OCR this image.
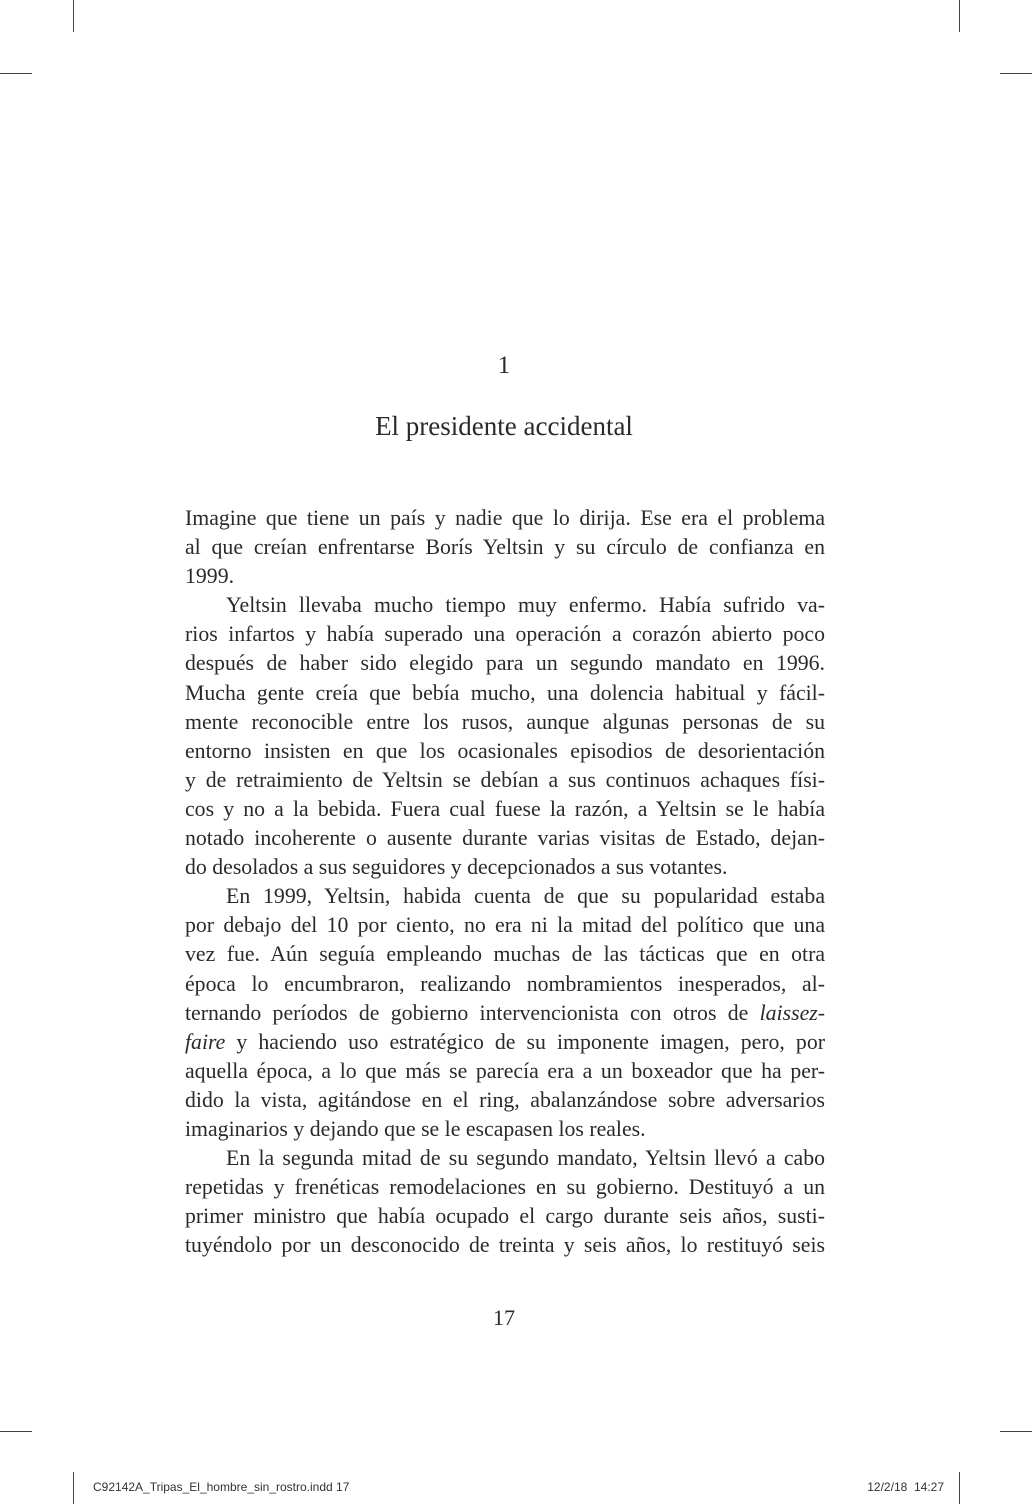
1
El presidente accidental
Imagine que tiene un país y nadie que lo dirija. Ese era el problema
al que creían enfrentarse Borís Yeltsin y su círculo de confianza en
1999.
Yeltsin llevaba mucho tiempo muy enfermo. Había sufrido va-
rios infartos y había superado una operación a corazón abierto poco
después de haber sido elegido para un segundo mandato en 1996.
Mucha gente creía que bebía mucho, una dolencia habitual y fácil-
mente reconocible entre los rusos, aunque algunas personas de su
entorno insisten en que los ocasionales episodios de desorientación
y de retraimiento de Yeltsin se debían a sus continuos achaques físi-
cos y no a la bebida. Fuera cual fuese la razón, a Yeltsin se le había
notado incoherente o ausente durante varias visitas de Estado, dejan-
do desolados a sus seguidores y decepcionados a sus votantes.
En 1999, Yeltsin, habida cuenta de que su popularidad estaba
por debajo del 10 por ciento, no era ni la mitad del político que una
vez fue. Aún seguía empleando muchas de las tácticas que en otra
época lo encumbraron, realizando nombramientos inesperados, al-
ternando períodos de gobierno intervencionista con otros de laissez-
faire y haciendo uso estratégico de su imponente imagen, pero, por
aquella época, a lo que más se parecía era a un boxeador que ha per-
dido la vista, agitándose en el ring, abalanzándose sobre adversarios
imaginarios y dejando que se le escapasen los reales.
En la segunda mitad de su segundo mandato, Yeltsin llevó a cabo
repetidas y frenéticas remodelaciones en su gobierno. Destituyó a un
primer ministro que había ocupado el cargo durante seis años, susti-
tuyéndolo por un desconocido de treinta y seis años, lo restituyó seis
17
C92142A_Tripas_El_hombre_sin_rostro.indd 17	12/2/18 14:27
